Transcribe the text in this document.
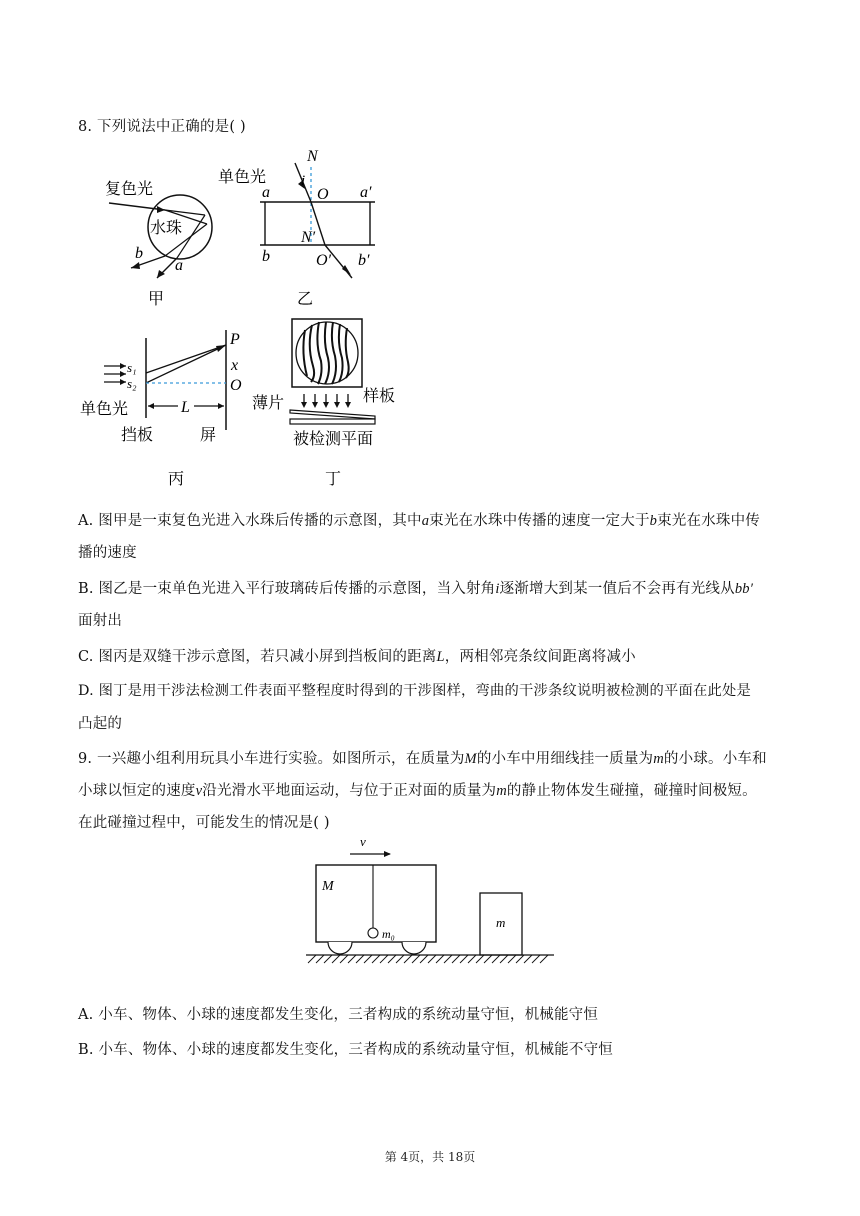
8. 下列说法中正确的是( )
复色光
水珠
b
a
甲
单色光
N
i
O
a	a′
N′
b	O′ b′
乙
s₁
s₂
P
x
O
L
单色光
挡板	屏
丙
薄片	样板
被检测平面
丁
A. 图甲是一束复色光进入水珠后传播的示意图，其中a束光在水珠中传播的速度一定大于b束光在水珠中传
播的速度
B. 图乙是一束单色光进入平行玻璃砖后传播的示意图，当入射角i逐渐增大到某一值后不会再有光线从bb′
面射出
C. 图丙是双缝干涉示意图，若只减小屏到挡板间的距离L，两相邻亮条纹间距离将减小
D. 图丁是用干涉法检测工件表面平整程度时得到的干涉图样，弯曲的干涉条纹说明被检测的平面在此处是
凸起的
9. 一兴趣小组利用玩具小车进行实验。如图所示，在质量为M的小车中用细线挂一质量为m的小球。小车和
小球以恒定的速度v沿光滑水平地面运动，与位于正对面的质量为m的静止物体发生碰撞，碰撞时间极短。
在此碰撞过程中，可能发生的情况是( )
v
M
m₀
m
A. 小车、物体、小球的速度都发生变化，三者构成的系统动量守恒，机械能守恒
B. 小车、物体、小球的速度都发生变化，三者构成的系统动量守恒，机械能不守恒
第 4页，共 18页
